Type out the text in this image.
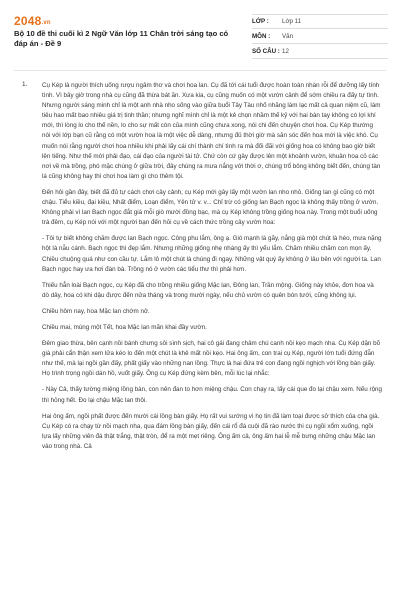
2048.vn
Bộ 10 đề thi cuối kì 2 Ngữ Văn lớp 11 Chân trời sáng tạo có đáp án - Đề 9
LỚP :	Lớp 11
MÔN :	Văn
SỐ CÂU : 12
1. Cụ Kép là người thích uống rượu ngâm thơ và chơi hoa lan. Cụ đã tới cái tuổi được hoàn toàn nhàn rỗi để dưỡng lấy tính tình. Vì bây giờ trong nhà cụ cũng đã thừa bát ăn. Xưa kia, cụ cũng muốn có một vườn cảnh để sớm chiều ra đấy tự tình. Nhưng người sáng minh chỉ là một anh nhà nho sống vào giữa buổi Tây Tàu nhố nhăng làm lạc mất cả quan niệm cũ, làm tiêu hao mất bao nhiêu giá trị tinh thần; nhưng nghĩ mình chỉ là một kẻ chọn nhầm thế kỷ với hai bàn tay không có lợi khí mới, thì lòng lo cho thế nền, lo cho sự mất còn của mình cũng chưa xong, nói chi đến chuyện chơi hoa. Cụ Kép thường nói với lớp bạn cũ rằng có một vườn hoa là một việc dễ dàng, nhưng đủ thời giờ mà săn sóc đến hoa mới là việc khó. Cụ muốn nói rằng người chơi hoa nhiều khi phải lấy cái chí thành chí tình ra mà đối đãi với giống hoa có không bao giờ biết lên tiếng. Như thế mới phải đạo, cái đạo của người tài tử. Chứ còn cứ gây được lên một khoảnh vườn, khuân hoa cỏ các nơi về mà trồng, phó mặc chúng ở giữa trời, đây chúng ra mưa nắng với thời ơ, chúng trổ bông không biết đến, chúng tàn lá cũng không hay thì chơi hoa làm gì cho thêm tội.

Đến hôi gần đây, biết đã đủ tự cách chơi cây cảnh, cụ Kép mới gây lấy một vườn lan nho nhỏ. Giống lan gì cũng có một chậu. Tiểu kiều, đại kiều, Nhất điểm, Loạn điểm, Yên tử v. v... Chỉ trừ có giống lan Bạch ngọc là không thấy trồng ở vườn. Không phải vì lan Bạch ngọc đắt giá mỗi giò mười đồng bạc, mà cụ Kép không trồng giống hoa này. Trong một buổi uống trà đêm, cụ Kép nói với một người bạn đến hỏi cụ về cách thức trồng cây vườn hoa:

- Tôi tự biết không chăm được lan Bạch ngọc. Công phu lắm, ông ạ. Gió mạnh là gãy, nắng già một chút là héo, mưa nặng hột là nẫu cánh. Bạch ngọc thì đẹp lắm. Nhưng những giống nhẹ nhàng ấy thì yếu lắm. Chăm nhiều chăm con mọn ấy. Chiều chuộng quá như con cầu tự. Lắm lô một chút là chúng đi ngay. Những vật quý ấy không ở lâu bên với người ta. Lan Bạch ngọc hay ưa hơi đàn bà. Trồng nó ở vườn các tiểu thư thì phải hơn.

Thiếu hẳn loài Bạch ngọc, cụ Kép đã cho trồng nhiều giống Mặc lan, Đông lan, Trần mộng. Giống này khỏe, đơn hoa và dò dây, hoa có khi dậu được đến nửa tháng và trong mười ngày, nếu chủ vườn có quên bón tưới, cũng không lụi.

Chiều hôm nay, hoa Mặc lan chớm nở.

Chiều mai, mùng một Tết, hoa Mặc lan mãn khai đầy vườn.

Đêm giao thừa, bên cạnh nồi bánh chưng sôi sình sịch, hai cô gái đang châm chú canh nồi kẹo mạch nha. Cụ Kép dặn bõ già phải cẩn thận xem lửa kéo lo đến một chút là khê mất nồi kẹo. Hai ông ấm, con trai cụ Kép, người lớn tuổi đứng đẫn như thế, mà lại ngồi gần đấy, phất giấy vào những nan lồng. Thực là hai đứa trẻ con đang ngồi nghịch với lồng bàn giấy. Họ trình trọng ngồi dán hồ, vuốt giấy. Ông cụ Kép đứng kèm bên, mỗi lúc lại nhắc:

- Này Cả, thấy tường miệng lồng bàn, con nên đan to hơn miệng chậu. Con chạy ra, lấy cái que đo lại chậu xem. Nếu rộng thì hỏng hết. Đo lại chậu Mặc lan thôi.

Hai ông ấm, ngồi phất được đến mười cái lồng bàn giấy. Họ rất vui sướng vì họ tin đã làm toại được sở thích của cha già. Cụ Kép có ra chạy từ nồi mạch nha, qua đám lồng bàn giấy, đến cái rổ đá cuội đã rào nước thi cụ ngồi xổm xuống, ngồi lựa lấy những viên đá thật trắng, thật tròn, để ra một mẹt riêng. Ông ấm cả, ông ấm hai lễ mễ bưng những chậu Mặc lan vào trong nhà. Cả
